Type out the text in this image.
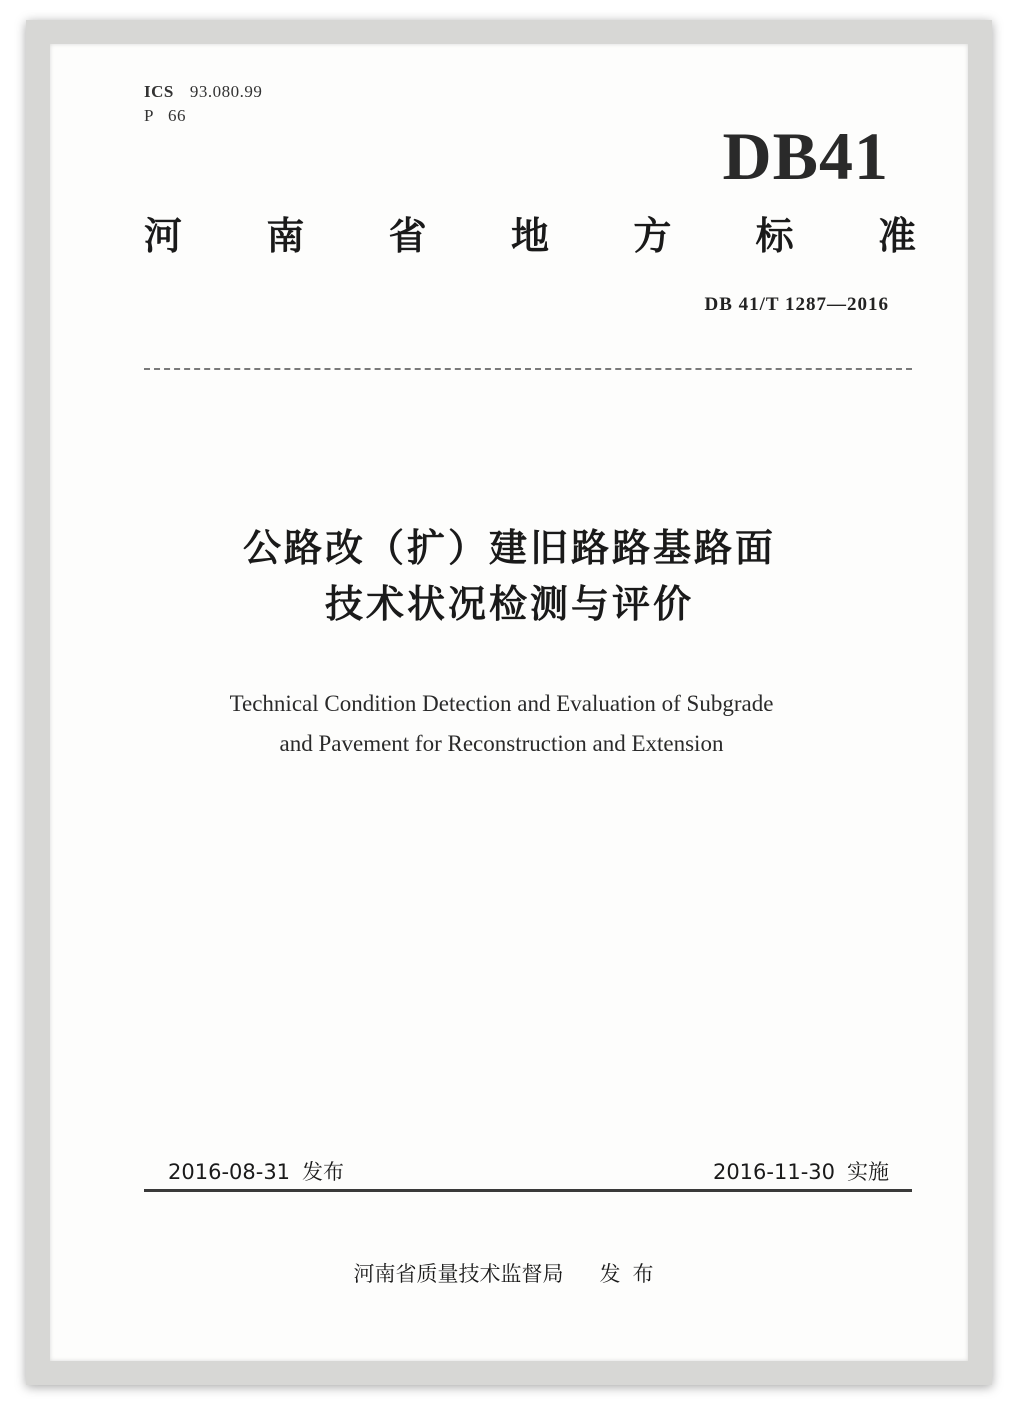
ICS 93.080.99
P 66
DB41
河 南 省 地 方 标 准
DB 41/T 1287—2016
公路改（扩）建旧路路基路面
技术状况检测与评价

Technical Condition Detection and Evaluation of Subgrade

and Pavement for Reconstruction and Extension

2016-08-31 发布	2016-11-30 实施
河南省质量技术监督局 发布
